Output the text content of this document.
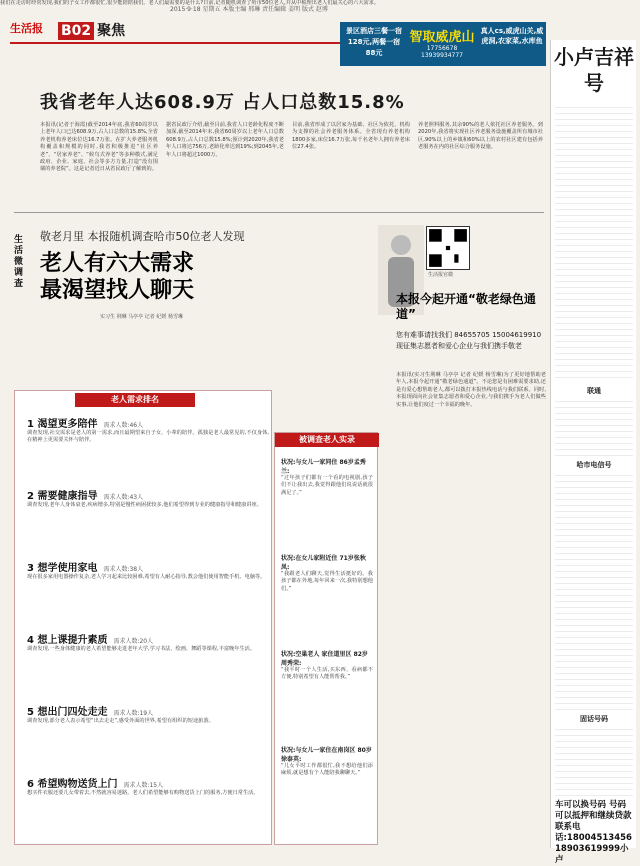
2015·9·18 星期五 本版主编 邢琳 责任编辑 姜明 版式 赵博
生活报	B02 聚焦	景区酒店三餐一宿128元,两餐一宿88元
智取威虎山
17756678 13939934777
真人cs,威虎山关,威虎洞,农家菜,水库鱼
我省老年人达608.9万 占人口总数15.8%
本报讯(记者于海霞)截至2014年底,我省60周岁以上老年人口已达608.9万,占人口总数的15.8%,全省养老机构养老床位达16.7万张。在扩大养老服务机构覆盖和规模的同时,我省积极推进“社区养老”、“居家养老”、“候鸟式养老”等多种模式,满足政府、企业、家庭、社会等多方力量,打造“没有围墙的养老院”。这是记者近日从省民政厅了解到的。
据省民政厅介绍,截至目前,我省人口老龄化程度不断加深,截至2014年末,我省60周岁以上老年人口总数608.9万,占人口总数15.8%;预计到2020年,我省老年人口将达756万,老龄化率达到19%;到2045年,老年人口将超过1000万。
目前,我省形成了以居家为基础、社区为依托、机构为支撑的社会养老服务体系。全省现有养老机构1800多家,床位16.7万张,每千名老年人拥有养老床位27.4张。
养老照料服务,其余90%的老人依托社区养老服务。到2020年,我省将实现社区养老服务设施覆盖所有城市社区,90%以上的乡镇和60%以上的农村社区建有包括养老服务在内的社区综合服务设施。
生活微调查
敬老月里 本报随机调查哈市50位老人发现
老人有六大需求
最渴望找人聊天
实习生 荆琳 马亭亭 记者 纪媛 杨雪琳
我们在走访时经常发现,我们的子女工作都很忙,很少能陪陪我们。老人们最需要的是什么?日前,记者随机调查了哈市50位老人,并从中梳理出老人们最关心的六大需求。
老人需求排名
1 渴望更多陪伴 需求人数:46人
调查发现,社交需求是老人的第一需求,而且最期望来自子女、小辈的陪伴。孤独是老人最常见的,不仅身体,在精神上更需要关怀与陪伴。
2 需要健康指导 需求人数:43人
调查发现,老年人身体衰老,疾病增多,特别是慢性病困扰较多,他们希望得到专业的健康指导和健康讲座。
3 想学使用家电 需求人数:38人
现在很多家用电器操作复杂,老人学习起来比较困难,希望有人耐心指导,教会他们使用智能手机、电脑等。
4 想上课提升素质 需求人数:20人
调查发现,一些身体健康的老人希望能够走进老年大学,学习书法、绘画、舞蹈等课程,丰富晚年生活。
5 想出门四处走走 需求人数:19人
调查发现,部分老人表示希望“出去走走”,感受外面的世界,希望有组织的短途旅游。
6 希望购物送货上门 需求人数:15人
想买件衣服还要儿女带着去,不然就容易迷路。老人们希望能够有购物送货上门的服务,方便日常生活。
被调查老人实录
状况:与女儿一家同住 86岁孟秀兰:
“过年孩子们都有一个看的电视剧,孩子们不让我出去,我觉得跟他们说说话就很满足了。”
状况:在女儿家附近住 71岁张秋凤:
“我跟老人们聊天,觉得生活挺好的。我孩子都在外地,每年回来一次,我特别想他们。”
状况:空巢老人 家住道里区 82岁周秀荣:
“我平时一个人生活,买东西、看病都不方便,特别希望有人能帮帮我。”
状况:与女儿一家住在南岗区 80岁徐泰英:
“儿女平时工作都很忙,我不想给他们添麻烦,就是想有个人能陪我聊聊天。”
生活报官微
本报今起开通“敬老绿色通道”
您有难事请找我们 84655705 15004619910
现征集志愿者和爱心企业与我们携手敬老
本报讯(实习生荆琳 马亭亭 记者 纪媛 杨雪琳)为了更好地帮助老年人,本报今起开通“敬老绿色通道”。不论您是有困难需要求助,还是有爱心想帮助老人,都可以拨打本报热线电话与我们联系。同时,本报现面向社会征集志愿者和爱心企业,与我们携手为老人们做些实事,让他们度过一个幸福的晚年。
小卢吉祥号
联通
哈市电信号
固话号码
车可以换号码 号码可以抵押和继续贷款 联系电话:18004513456 18903619999小卢
